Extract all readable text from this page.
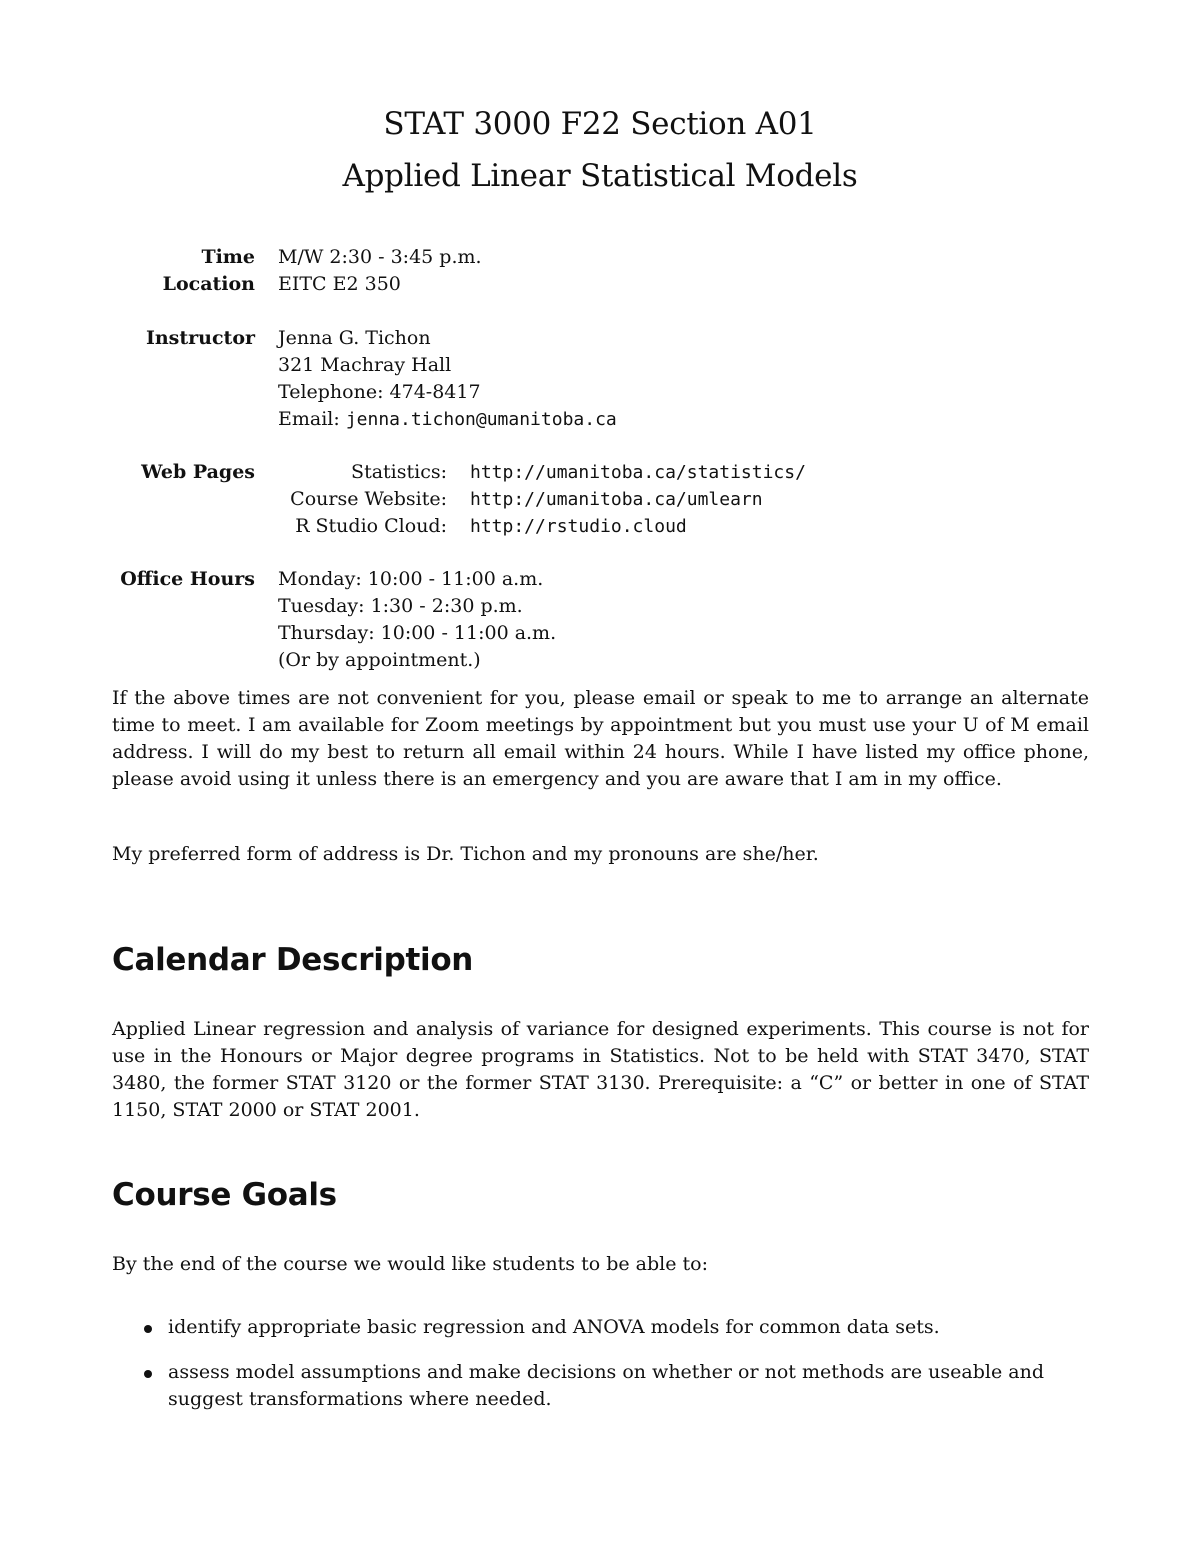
STAT 3000 F22 Section A01
Applied Linear Statistical Models
Time M/W 2:30 - 3:45 p.m.
Location EITC E2 350
Instructor Jenna G. Tichon
321 Machray Hall
Telephone: 474-8417
Email: jenna.tichon@umanitoba.ca
Web Pages	Statistics: http://umanitoba.ca/statistics/
Course Website: http://umanitoba.ca/umlearn
R Studio Cloud: http://rstudio.cloud
Office Hours Monday: 10:00 - 11:00 a.m.
Tuesday: 1:30 - 2:30 p.m.
Thursday: 10:00 - 11:00 a.m.
(Or by appointment.)
If the above times are not convenient for you, please email or speak to me to arrange an alternate time to meet. I am available for Zoom meetings by appointment but you must use your U of M email address. I will do my best to return all email within 24 hours. While I have listed my office phone, please avoid using it unless there is an emergency and you are aware that I am in my office.
My preferred form of address is Dr. Tichon and my pronouns are she/her.
Calendar Description
Applied Linear regression and analysis of variance for designed experiments. This course is not for use in the Honours or Major degree programs in Statistics. Not to be held with STAT 3470, STAT 3480, the former STAT 3120 or the former STAT 3130. Prerequisite: a “C” or better in one of STAT 1150, STAT 2000 or STAT 2001.
Course Goals
By the end of the course we would like students to be able to:
identify appropriate basic regression and ANOVA models for common data sets.
assess model assumptions and make decisions on whether or not methods are useable and suggest transformations where needed.
